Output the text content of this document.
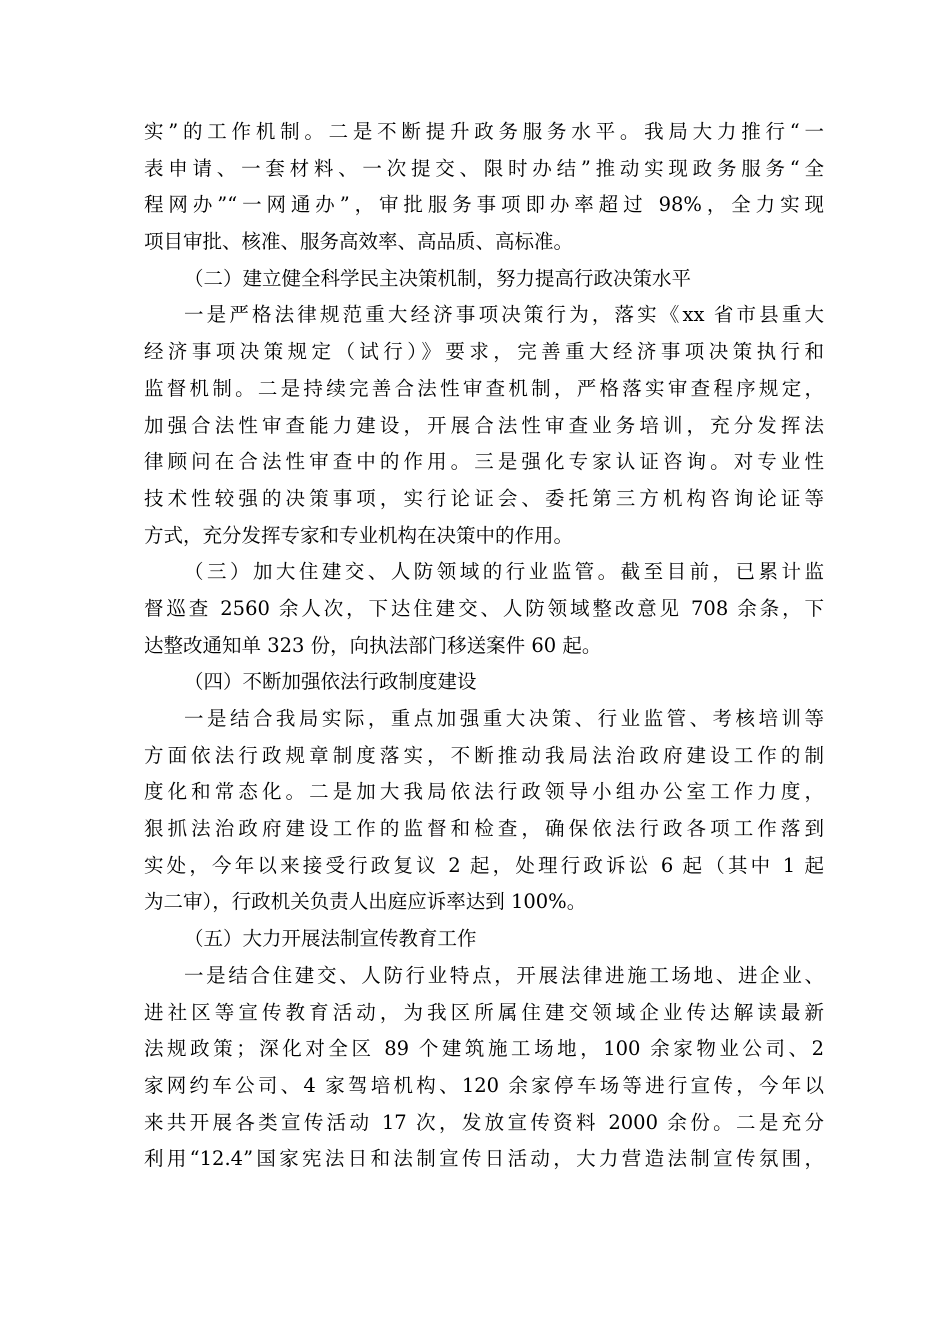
实”的工作机制。二是不断提升政务服务水平。我局大力推行“一
表申请、一套材料、一次提交、限时办结”推动实现政务服务“全
程网办”“一网通办”，审批服务事项即办率超过 98%，全力实现
项目审批、核准、服务高效率、高品质、高标准。
（二）建立健全科学民主决策机制，努力提高行政决策水平
一是严格法律规范重大经济事项决策行为，落实《xx 省市县重大
经济事项决策规定（试行）》要求，完善重大经济事项决策执行和
监督机制。二是持续完善合法性审查机制，严格落实审查程序规定，
加强合法性审查能力建设，开展合法性审查业务培训，充分发挥法
律顾问在合法性审查中的作用。三是强化专家认证咨询。对专业性
技术性较强的决策事项，实行论证会、委托第三方机构咨询论证等
方式，充分发挥专家和专业机构在决策中的作用。
（三）加大住建交、人防领域的行业监管。截至目前，已累计监
督巡查 2560 余人次，下达住建交、人防领域整改意见 708 余条，下
达整改通知单 323 份，向执法部门移送案件 60 起。
（四）不断加强依法行政制度建设
一是结合我局实际，重点加强重大决策、行业监管、考核培训等
方面依法行政规章制度落实，不断推动我局法治政府建设工作的制
度化和常态化。二是加大我局依法行政领导小组办公室工作力度，
狠抓法治政府建设工作的监督和检查，确保依法行政各项工作落到
实处，今年以来接受行政复议 2 起，处理行政诉讼 6 起（其中 1 起
为二审），行政机关负责人出庭应诉率达到 100%。
（五）大力开展法制宣传教育工作
一是结合住建交、人防行业特点，开展法律进施工场地、进企业、
进社区等宣传教育活动，为我区所属住建交领域企业传达解读最新
法规政策；深化对全区 89 个建筑施工场地，100 余家物业公司、2
家网约车公司、4 家驾培机构、120 余家停车场等进行宣传，今年以
来共开展各类宣传活动 17 次，发放宣传资料 2000 余份。二是充分
利用“12.4”国家宪法日和法制宣传日活动，大力营造法制宣传氛围，
